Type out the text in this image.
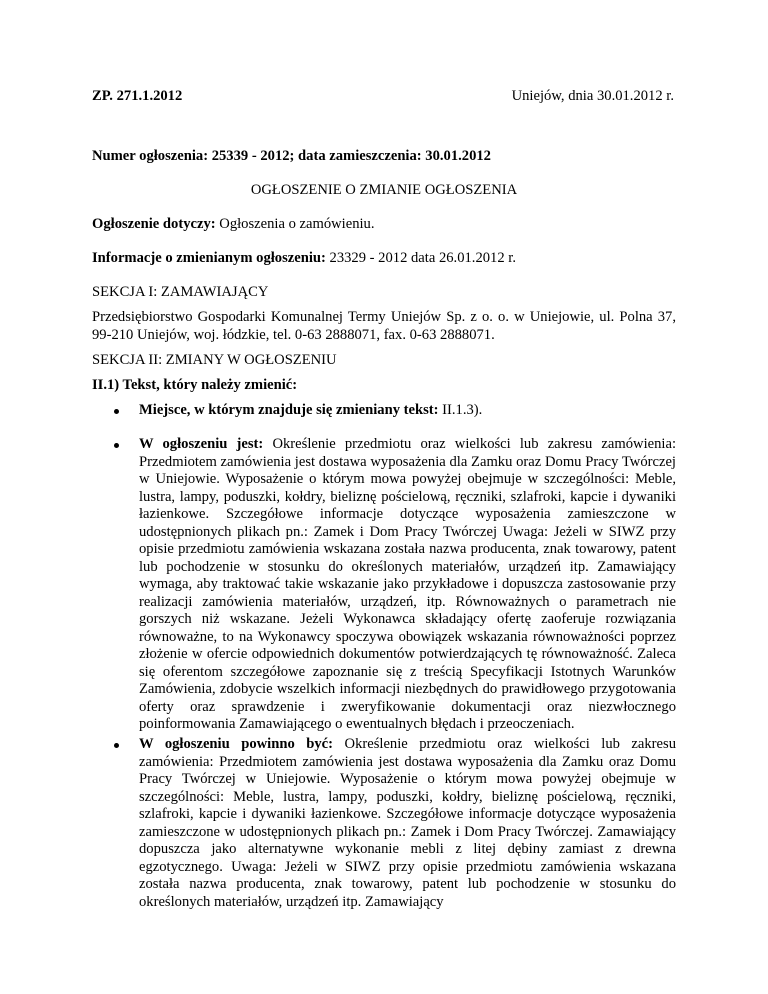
ZP. 271.1.2012	Uniejów, dnia 30.01.2012 r.
Numer ogłoszenia: 25339 - 2012; data zamieszczenia: 30.01.2012
OGŁOSZENIE O ZMIANIE OGŁOSZENIA
Ogłoszenie dotyczy: Ogłoszenia o zamówieniu.
Informacje o zmienianym ogłoszeniu: 23329 - 2012 data 26.01.2012 r.
SEKCJA I: ZAMAWIAJĄCY
Przedsiębiorstwo Gospodarki Komunalnej Termy Uniejów Sp. z o. o. w Uniejowie, ul. Polna 37, 99-210 Uniejów, woj. łódzkie, tel. 0-63 2888071, fax. 0-63 2888071.
SEKCJA II: ZMIANY W OGŁOSZENIU
II.1) Tekst, który należy zmienić:
Miejsce, w którym znajduje się zmieniany tekst: II.1.3).
W ogłoszeniu jest: Określenie przedmiotu oraz wielkości lub zakresu zamówienia: Przedmiotem zamówienia jest dostawa wyposażenia dla Zamku oraz Domu Pracy Twórczej w Uniejowie. Wyposażenie o którym mowa powyżej obejmuje w szczególności: Meble, lustra, lampy, poduszki, kołdry, bieliznę pościelową, ręczniki, szlafroki, kapcie i dywaniki łazienkowe. Szczegółowe informacje dotyczące wyposażenia zamieszczone w udostępnionych plikach pn.: Zamek i Dom Pracy Twórczej Uwaga: Jeżeli w SIWZ przy opisie przedmiotu zamówienia wskazana została nazwa producenta, znak towarowy, patent lub pochodzenie w stosunku do określonych materiałów, urządzeń itp. Zamawiający wymaga, aby traktować takie wskazanie jako przykładowe i dopuszcza zastosowanie przy realizacji zamówienia materiałów, urządzeń, itp. Równoważnych o parametrach nie gorszych niż wskazane. Jeżeli Wykonawca składający ofertę zaoferuje rozwiązania równoważne, to na Wykonawcy spoczywa obowiązek wskazania równoważności poprzez złożenie w ofercie odpowiednich dokumentów potwierdzających tę równoważność. Zaleca się oferentom szczegółowe zapoznanie się z treścią Specyfikacji Istotnych Warunków Zamówienia, zdobycie wszelkich informacji niezbędnych do prawidłowego przygotowania oferty oraz sprawdzenie i zweryfikowanie dokumentacji oraz niezwłocznego poinformowania Zamawiającego o ewentualnych błędach i przeoczeniach.
W ogłoszeniu powinno być: Określenie przedmiotu oraz wielkości lub zakresu zamówienia: Przedmiotem zamówienia jest dostawa wyposażenia dla Zamku oraz Domu Pracy Twórczej w Uniejowie. Wyposażenie o którym mowa powyżej obejmuje w szczególności: Meble, lustra, lampy, poduszki, kołdry, bieliznę pościelową, ręczniki, szlafroki, kapcie i dywaniki łazienkowe. Szczegółowe informacje dotyczące wyposażenia zamieszczone w udostępnionych plikach pn.: Zamek i Dom Pracy Twórczej. Zamawiający dopuszcza jako alternatywne wykonanie mebli z litej dębiny zamiast z drewna egzotycznego. Uwaga: Jeżeli w SIWZ przy opisie przedmiotu zamówienia wskazana została nazwa producenta, znak towarowy, patent lub pochodzenie w stosunku do określonych materiałów, urządzeń itp. Zamawiający
